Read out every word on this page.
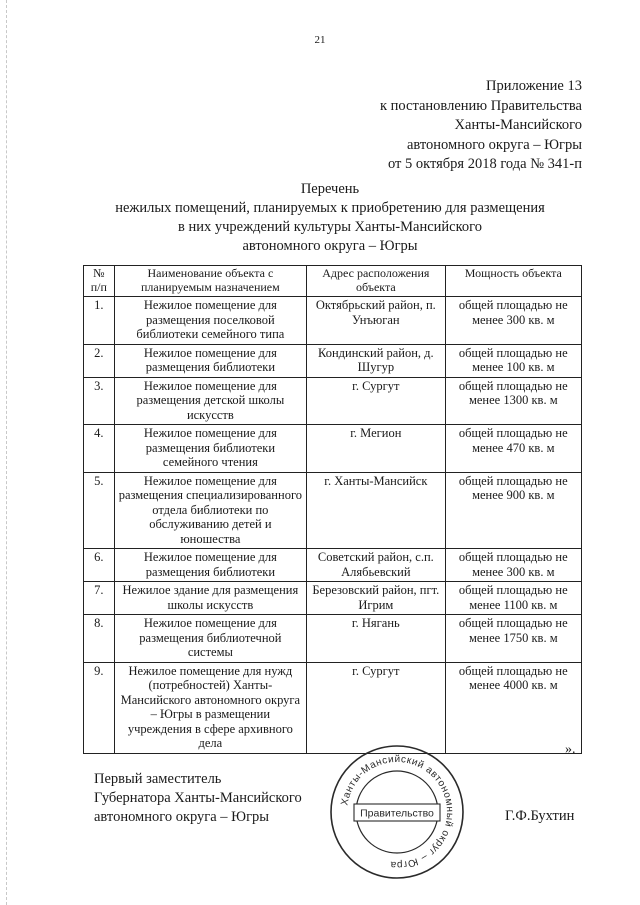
21
Приложение 13
к постановлению Правительства
Ханты-Мансийского
автономного округа – Югры
от 5 октября 2018 года № 341-п
Перечень
нежилых помещений, планируемых к приобретению для размещения
в них учреждений культуры Ханты-Мансийского
автономного округа – Югры
№ п/п	Наименование объекта с планируемым назначением	Адрес расположения объекта	Мощность объекта
1.	Нежилое помещение для размещения поселковой библиотеки семейного типа	Октябрьский район, п. Унъюган	общей площадью не менее 300 кв. м
2.	Нежилое помещение для размещения библиотеки	Кондинский район, д. Шугур	общей площадью не менее 100 кв. м
3.	Нежилое помещение для размещения детской школы искусств	г. Сургут	общей площадью не менее 1300 кв. м
4.	Нежилое помещение для размещения библиотеки семейного чтения	г. Мегион	общей площадью не менее 470 кв. м
5.	Нежилое помещение для размещения специализированного отдела библиотеки по обслуживанию детей и юношества	г. Ханты-Мансийск	общей площадью не менее 900 кв. м
6.	Нежилое помещение для размещения библиотеки	Советский район, с.п. Алябьевский	общей площадью не менее 300 кв. м
7.	Нежилое здание для размещения школы искусств	Березовский район, пгт. Игрим	общей площадью не менее 1100 кв. м
8.	Нежилое помещение для размещения библиотечной системы	г. Нягань	общей площадью не менее 1750 кв. м
9.	Нежилое помещение для нужд (потребностей) Ханты-Мансийского автономного округа – Югры в размещении учреждения в сфере архивного дела	г. Сургут	общей площадью не менее 4000 кв. м
».
Первый заместитель
Губернатора Ханты-Мансийского
автономного округа – Югры
Ханты-Мансийский автономный округ – Югра
Правительство	Г.Ф.Бухтин
